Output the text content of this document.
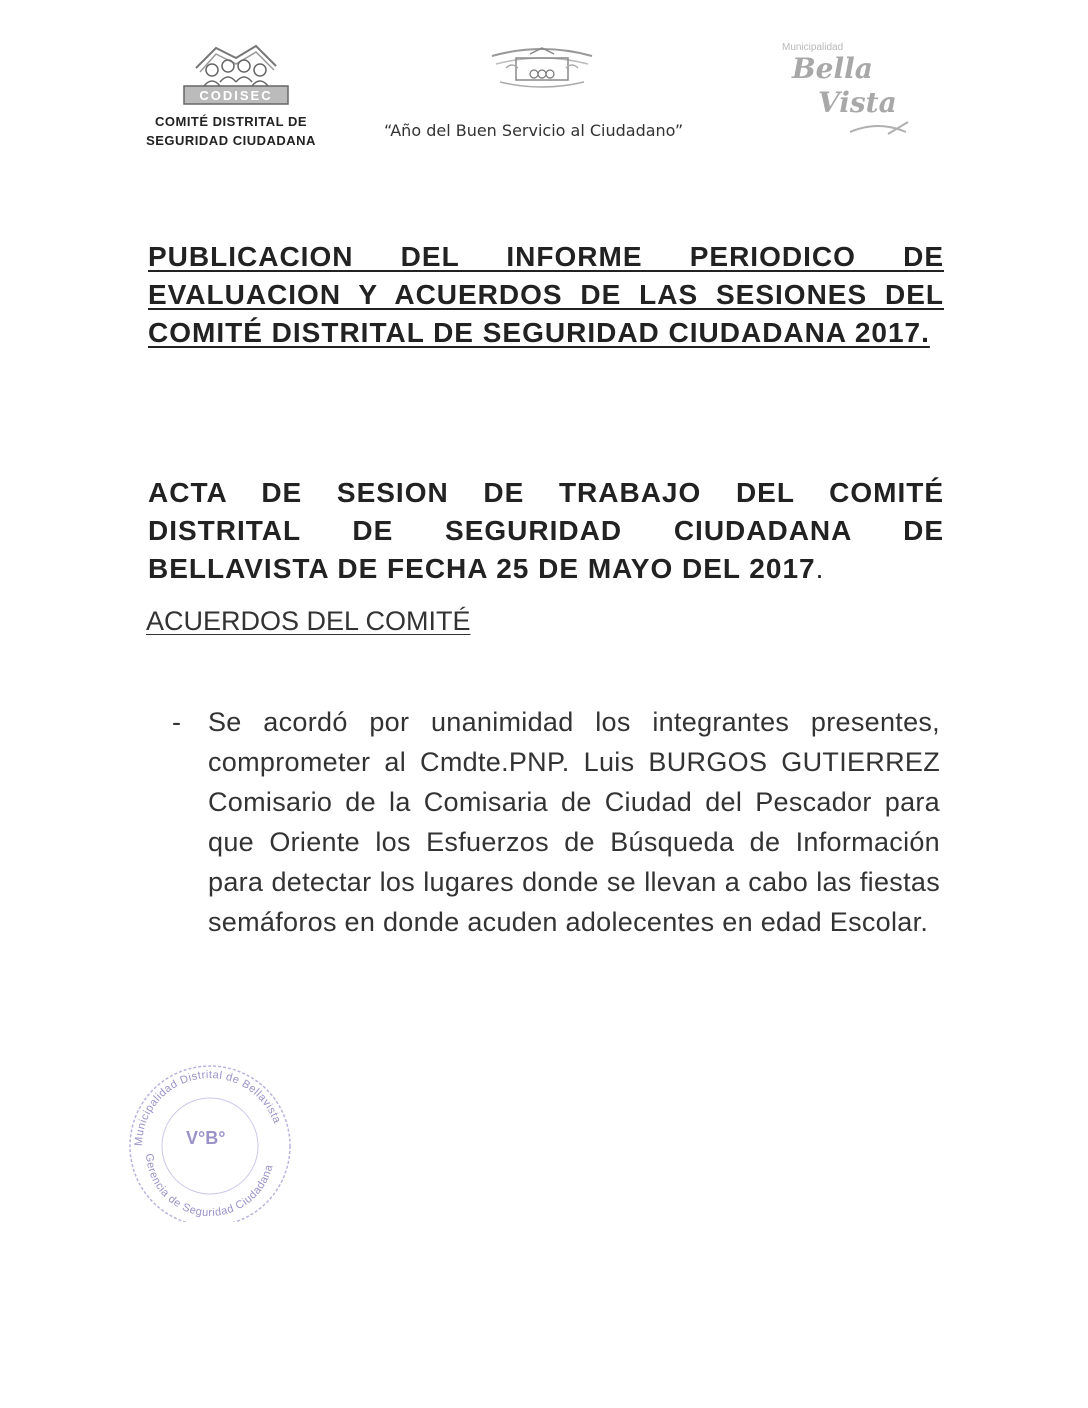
CODISEC
COMITÉ DISTRITAL DE
SEGURIDAD CIUDADANA
“Año del Buen Servicio al Ciudadano”
Municipalidad
Bella
Vista
PUBLICACION DEL INFORME PERIODICO DE EVALUACION Y ACUERDOS DE LAS SESIONES DEL COMITÉ DISTRITAL DE SEGURIDAD CIUDADANA 2017.
ACTA DE SESION DE TRABAJO DEL COMITÉ DISTRITAL DE SEGURIDAD CIUDADANA DE BELLAVISTA DE FECHA 25 DE MAYO DEL 2017.
ACUERDOS DEL COMITÉ
- Se acordó por unanimidad los integrantes presentes, comprometer al Cmdte.PNP. Luis BURGOS GUTIERREZ Comisario de la Comisaria de Ciudad del Pescador para que Oriente los Esfuerzos de Búsqueda de Información para detectar los lugares donde se llevan a cabo las fiestas semáforos en donde acuden adolecentes en edad Escolar.
Municipalidad Distrital de Bellavista
Gerencia de Seguridad Ciudadana
V°B°
